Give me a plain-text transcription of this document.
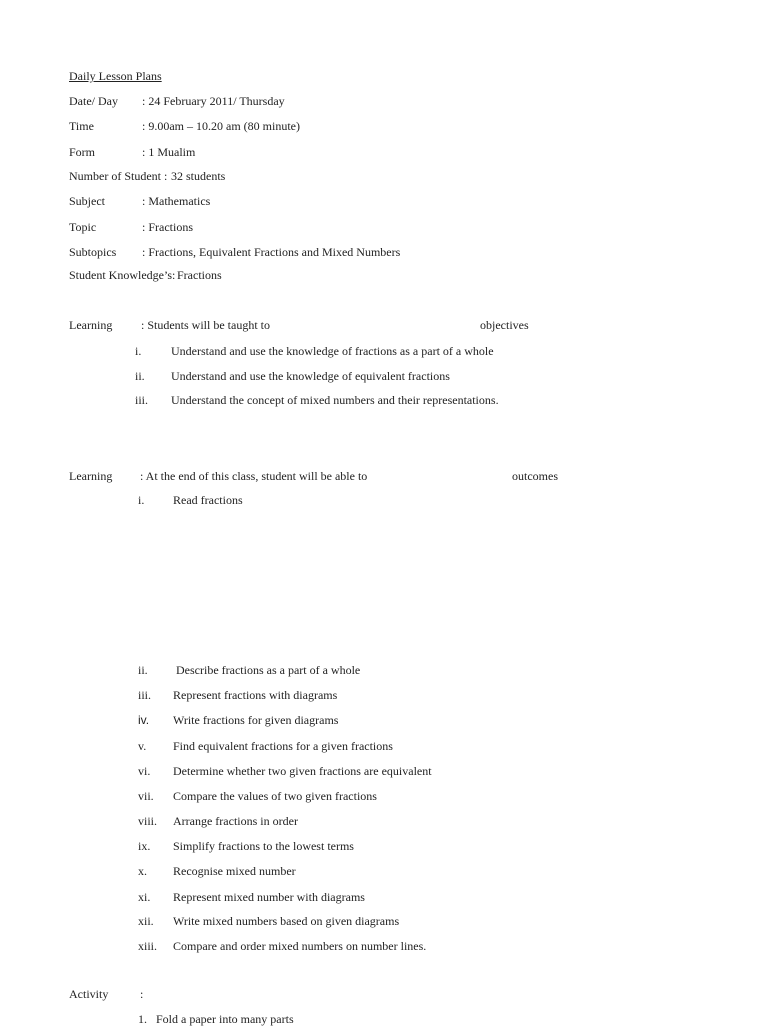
Daily Lesson Plans
Date/ Day : 24 February 2011/ Thursday
Time	: 9.00am – 10.20 am (80 minute)
Form	: 1 Mualim
Number of Student : 32 students
Subject	: Mathematics
Topic	: Fractions
Subtopics : Fractions, Equivalent Fractions and Mixed Numbers
Student Knowledge’s: Fractions
Learning : Students will be taught to	objectives
i. Understand and use the knowledge of fractions as a part of a whole
ii. Understand and use the knowledge of equivalent fractions
iii. Understand the concept of mixed numbers and their representations.
Learning : At the end of this class, student will be able to	outcomes
i. Read fractions
ii. Describe fractions as a part of a whole
iii. Represent fractions with diagrams
iv. Write fractions for given diagrams
v. Find equivalent fractions for a given fractions
vi. Determine whether two given fractions are equivalent
vii. Compare the values of two given fractions
viii. Arrange fractions in order
ix. Simplify fractions to the lowest terms
x. Recognise mixed number
xi. Represent mixed number with diagrams
xii. Write mixed numbers based on given diagrams
xiii. Compare and order mixed numbers on number lines.
Activity	:
1. Fold a paper into many parts
